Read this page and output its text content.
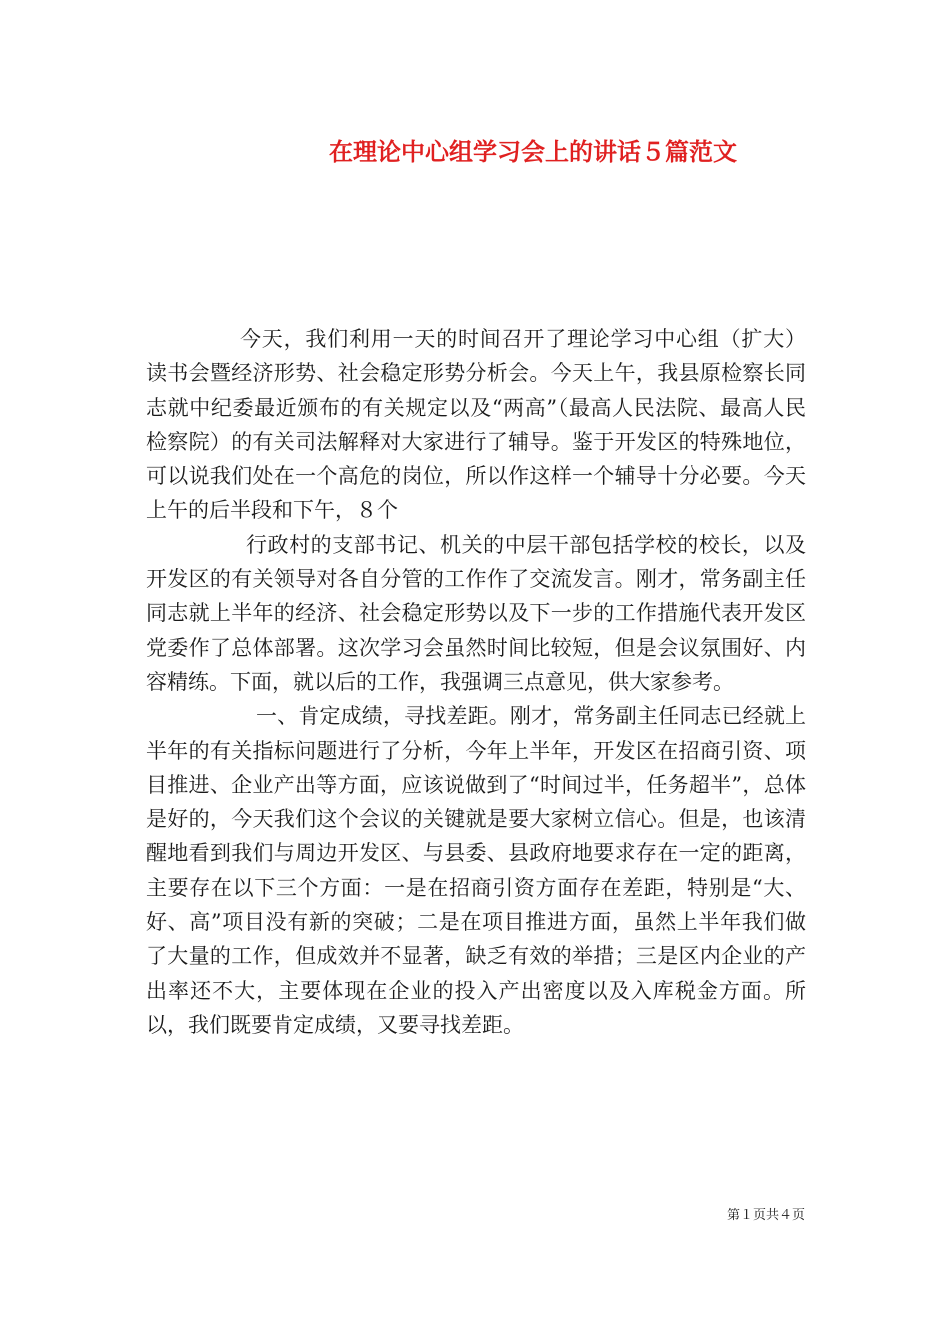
在理论中心组学习会上的讲话５篇范文

今天，我们利用一天的时间召开了理论学习中心组（扩大）读书会暨经济形势、社会稳定形势分析会。今天上午，我县原检察长同志就中纪委最近颁布的有关规定以及“两高”（最高人民法院、最高人民检察院）的有关司法解释对大家进行了辅导。鉴于开发区的特殊地位，可以说我们处在一个高危的岗位，所以作这样一个辅导十分必要。今天上午的后半段和下午，８个

行政村的支部书记、机关的中层干部包括学校的校长，以及开发区的有关领导对各自分管的工作作了交流发言。刚才，常务副主任同志就上半年的经济、社会稳定形势以及下一步的工作措施代表开发区党委作了总体部署。这次学习会虽然时间比较短，但是会议氛围好、内容精练。下面，就以后的工作，我强调三点意见，供大家参考。

一、肯定成绩，寻找差距。刚才，常务副主任同志已经就上半年的有关指标问题进行了分析，今年上半年，开发区在招商引资、项目推进、企业产出等方面，应该说做到了“时间过半，任务超半”，总体是好的，今天我们这个会议的关键就是要大家树立信心。但是，也该清醒地看到我们与周边开发区、与县委、县政府地要求存在一定的距离，主要存在以下三个方面：一是在招商引资方面存在差距，特别是“大、好、高”项目没有新的突破；二是在项目推进方面，虽然上半年我们做了大量的工作，但成效并不显著，缺乏有效的举措；三是区内企业的产出率还不大，主要体现在企业的投入产出密度以及入库税金方面。所以，我们既要肯定成绩，又要寻找差距。

第１页共４页
